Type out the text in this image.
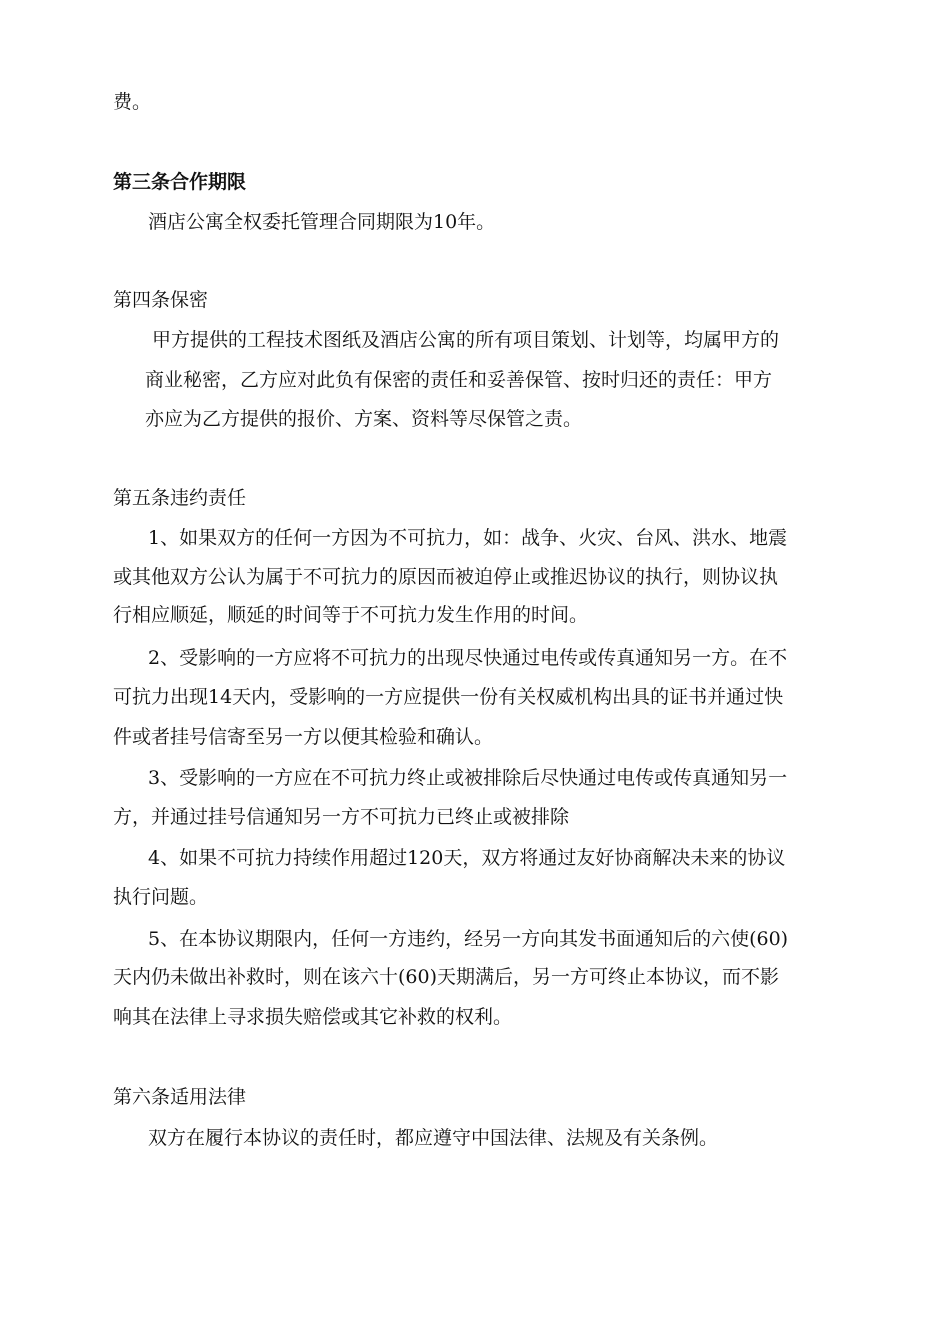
费。

第三条合作期限

酒店公寓全权委托管理合同期限为10年。

第四条保密

甲方提供的工程技术图纸及酒店公寓的所有项目策划、计划等，均属甲方的

商业秘密，乙方应对此负有保密的责任和妥善保管、按时归还的责任：甲方

亦应为乙方提供的报价、方案、资料等尽保管之责。

第五条违约责任

1、如果双方的任何一方因为不可抗力，如：战争、火灾、台风、洪水、地震

或其他双方公认为属于不可抗力的原因而被迫停止或推迟协议的执行，则协议执

行相应顺延，顺延的时间等于不可抗力发生作用的时间。

2、受影响的一方应将不可抗力的出现尽快通过电传或传真通知另一方。在不

可抗力出现14天内，受影响的一方应提供一份有关权威机构出具的证书并通过快

件或者挂号信寄至另一方以便其检验和确认。

3、受影响的一方应在不可抗力终止或被排除后尽快通过电传或传真通知另一

方，并通过挂号信通知另一方不可抗力已终止或被排除

4、如果不可抗力持续作用超过120天，双方将通过友好协商解决未来的协议

执行问题。

5、在本协议期限内，任何一方违约，经另一方向其发书面通知后的六使(60)

天内仍未做出补救时，则在该六十(60)天期满后，另一方可终止本协议，而不影

响其在法律上寻求损失赔偿或其它补救的权利。

第六条适用法律

双方在履行本协议的责任时，都应遵守中国法律、法规及有关条例。
